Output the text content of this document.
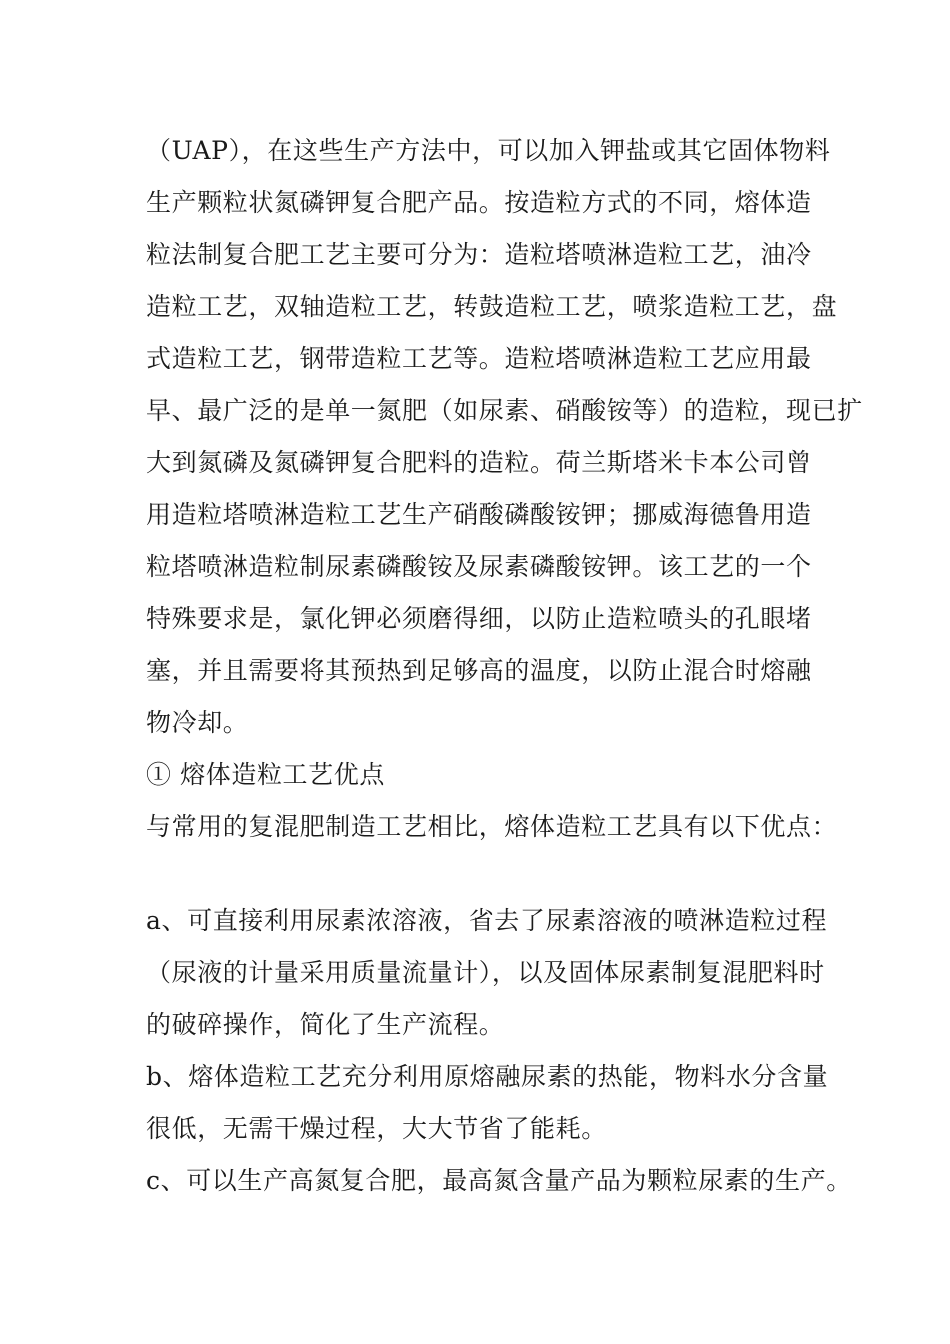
（UAP），在这些生产方法中，可以加入钾盐或其它固体物料
生产颗粒状氮磷钾复合肥产品。按造粒方式的不同，熔体造
粒法制复合肥工艺主要可分为：造粒塔喷淋造粒工艺，油冷
造粒工艺，双轴造粒工艺，转鼓造粒工艺，喷浆造粒工艺，盘
式造粒工艺，钢带造粒工艺等。造粒塔喷淋造粒工艺应用最
早、最广泛的是单一氮肥（如尿素、硝酸铵等）的造粒，现已扩
大到氮磷及氮磷钾复合肥料的造粒。荷兰斯塔米卡本公司曾
用造粒塔喷淋造粒工艺生产硝酸磷酸铵钾；挪威海德鲁用造
粒塔喷淋造粒制尿素磷酸铵及尿素磷酸铵钾。该工艺的一个
特殊要求是，氯化钾必须磨得细，以防止造粒喷头的孔眼堵
塞，并且需要将其预热到足够高的温度，以防止混合时熔融
物冷却。
① 熔体造粒工艺优点
与常用的复混肥制造工艺相比，熔体造粒工艺具有以下优点：
a、可直接利用尿素浓溶液，省去了尿素溶液的喷淋造粒过程
（尿液的计量采用质量流量计），以及固体尿素制复混肥料时
的破碎操作，简化了生产流程。
b、熔体造粒工艺充分利用原熔融尿素的热能，物料水分含量
很低，无需干燥过程，大大节省了能耗。
c、可以生产高氮复合肥，最高氮含量产品为颗粒尿素的生产。
